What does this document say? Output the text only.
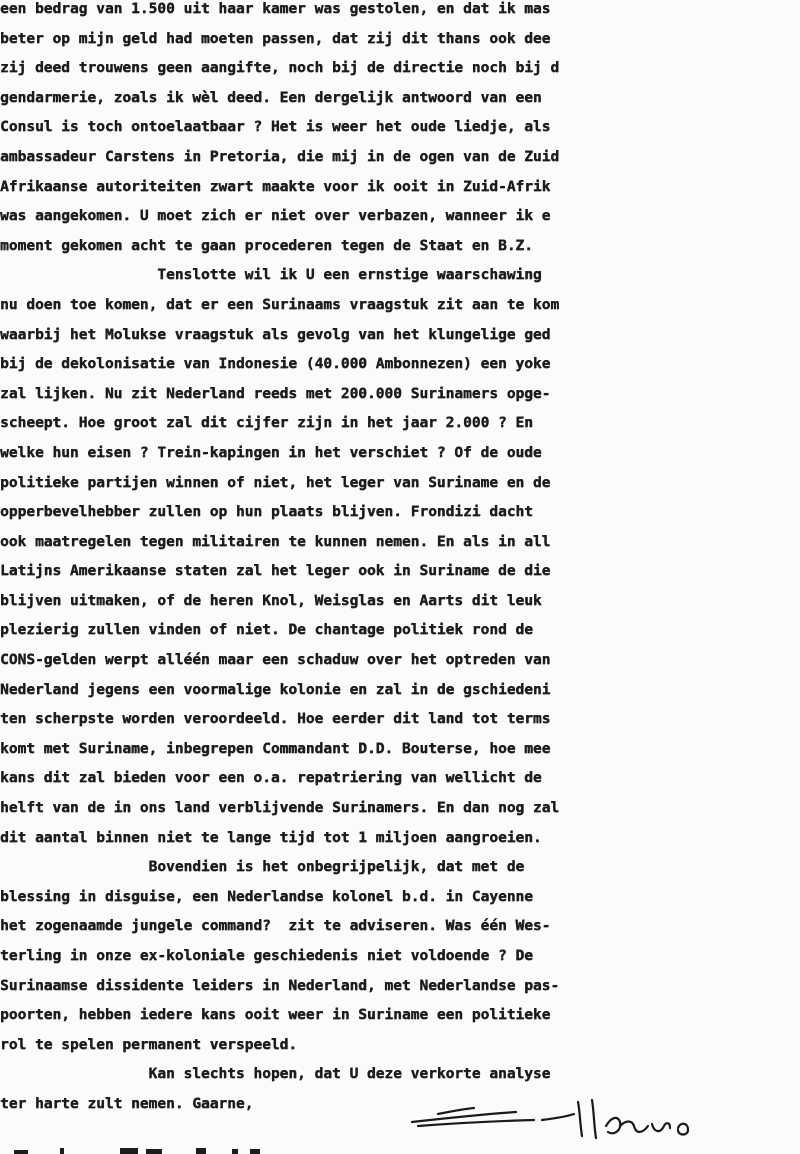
een bedrag van 1.500 uit haar kamer was gestolen, en dat ik mas
beter op mijn geld had moeten passen, dat zij dit thans ook dee
zij deed trouwens geen aangifte, noch bij de directie noch bij d
gendarmerie, zoals ik wèl deed. Een dergelijk antwoord van een
Consul is toch ontoelaatbaar ? Het is weer het oude liedje, als
ambassadeur Carstens in Pretoria, die mij in de ogen van de Zuid
Afrikaanse autoriteiten zwart maakte voor ik ooit in Zuid-Afrik
was aangekomen. U moet zich er niet over verbazen, wanneer ik e
moment gekomen acht te gaan procederen tegen de Staat en B.Z.
Tenslotte wil ik U een ernstige waarschawing
nu doen toe komen, dat er een Surinaams vraagstuk zit aan te kom
waarbij het Molukse vraagstuk als gevolg van het klungelige ged
bij de dekolonisatie van Indonesie (40.000 Ambonnezen) een yoke
zal lijken. Nu zit Nederland reeds met 200.000 Surinamers opge-
scheept. Hoe groot zal dit cijfer zijn in het jaar 2.000 ? En
welke hun eisen ? Trein-kapingen in het verschiet ? Of de oude
politieke partijen winnen of niet, het leger van Suriname en de
opperbevelhebber zullen op hun plaats blijven. Frondizi dacht
ook maatregelen tegen militairen te kunnen nemen. En als in all
Latijns Amerikaanse staten zal het leger ook in Suriname de die
blijven uitmaken, of de heren Knol, Weisglas en Aarts dit leuk
plezierig zullen vinden of niet. De chantage politiek rond de
CONS-gelden werpt alléén maar een schaduw over het optreden van
Nederland jegens een voormalige kolonie en zal in de gschiedeni
ten scherpste worden veroordeeld. Hoe eerder dit land tot terms
komt met Suriname, inbegrepen Commandant D.D. Bouterse, hoe mee
kans dit zal bieden voor een o.a. repatriering van wellicht de
helft van de in ons land verblijvende Surinamers. En dan nog zal
dit aantal binnen niet te lange tijd tot 1 miljoen aangroeien.
Bovendien is het onbegrijpelijk, dat met de
blessing in disguise, een Nederlandse kolonel b.d. in Cayenne
het zogenaamde jungele command?  zit te adviseren. Was één Wes-
terling in onze ex-koloniale geschiedenis niet voldoende ? De
Surinaamse dissidente leiders in Nederland, met Nederlandse pas-
poorten, hebben iedere kans ooit weer in Suriname een politieke
rol te spelen permanent verspeeld.
Kan slechts hopen, dat U deze verkorte analyse
ter harte zult nemen. Gaarne,
